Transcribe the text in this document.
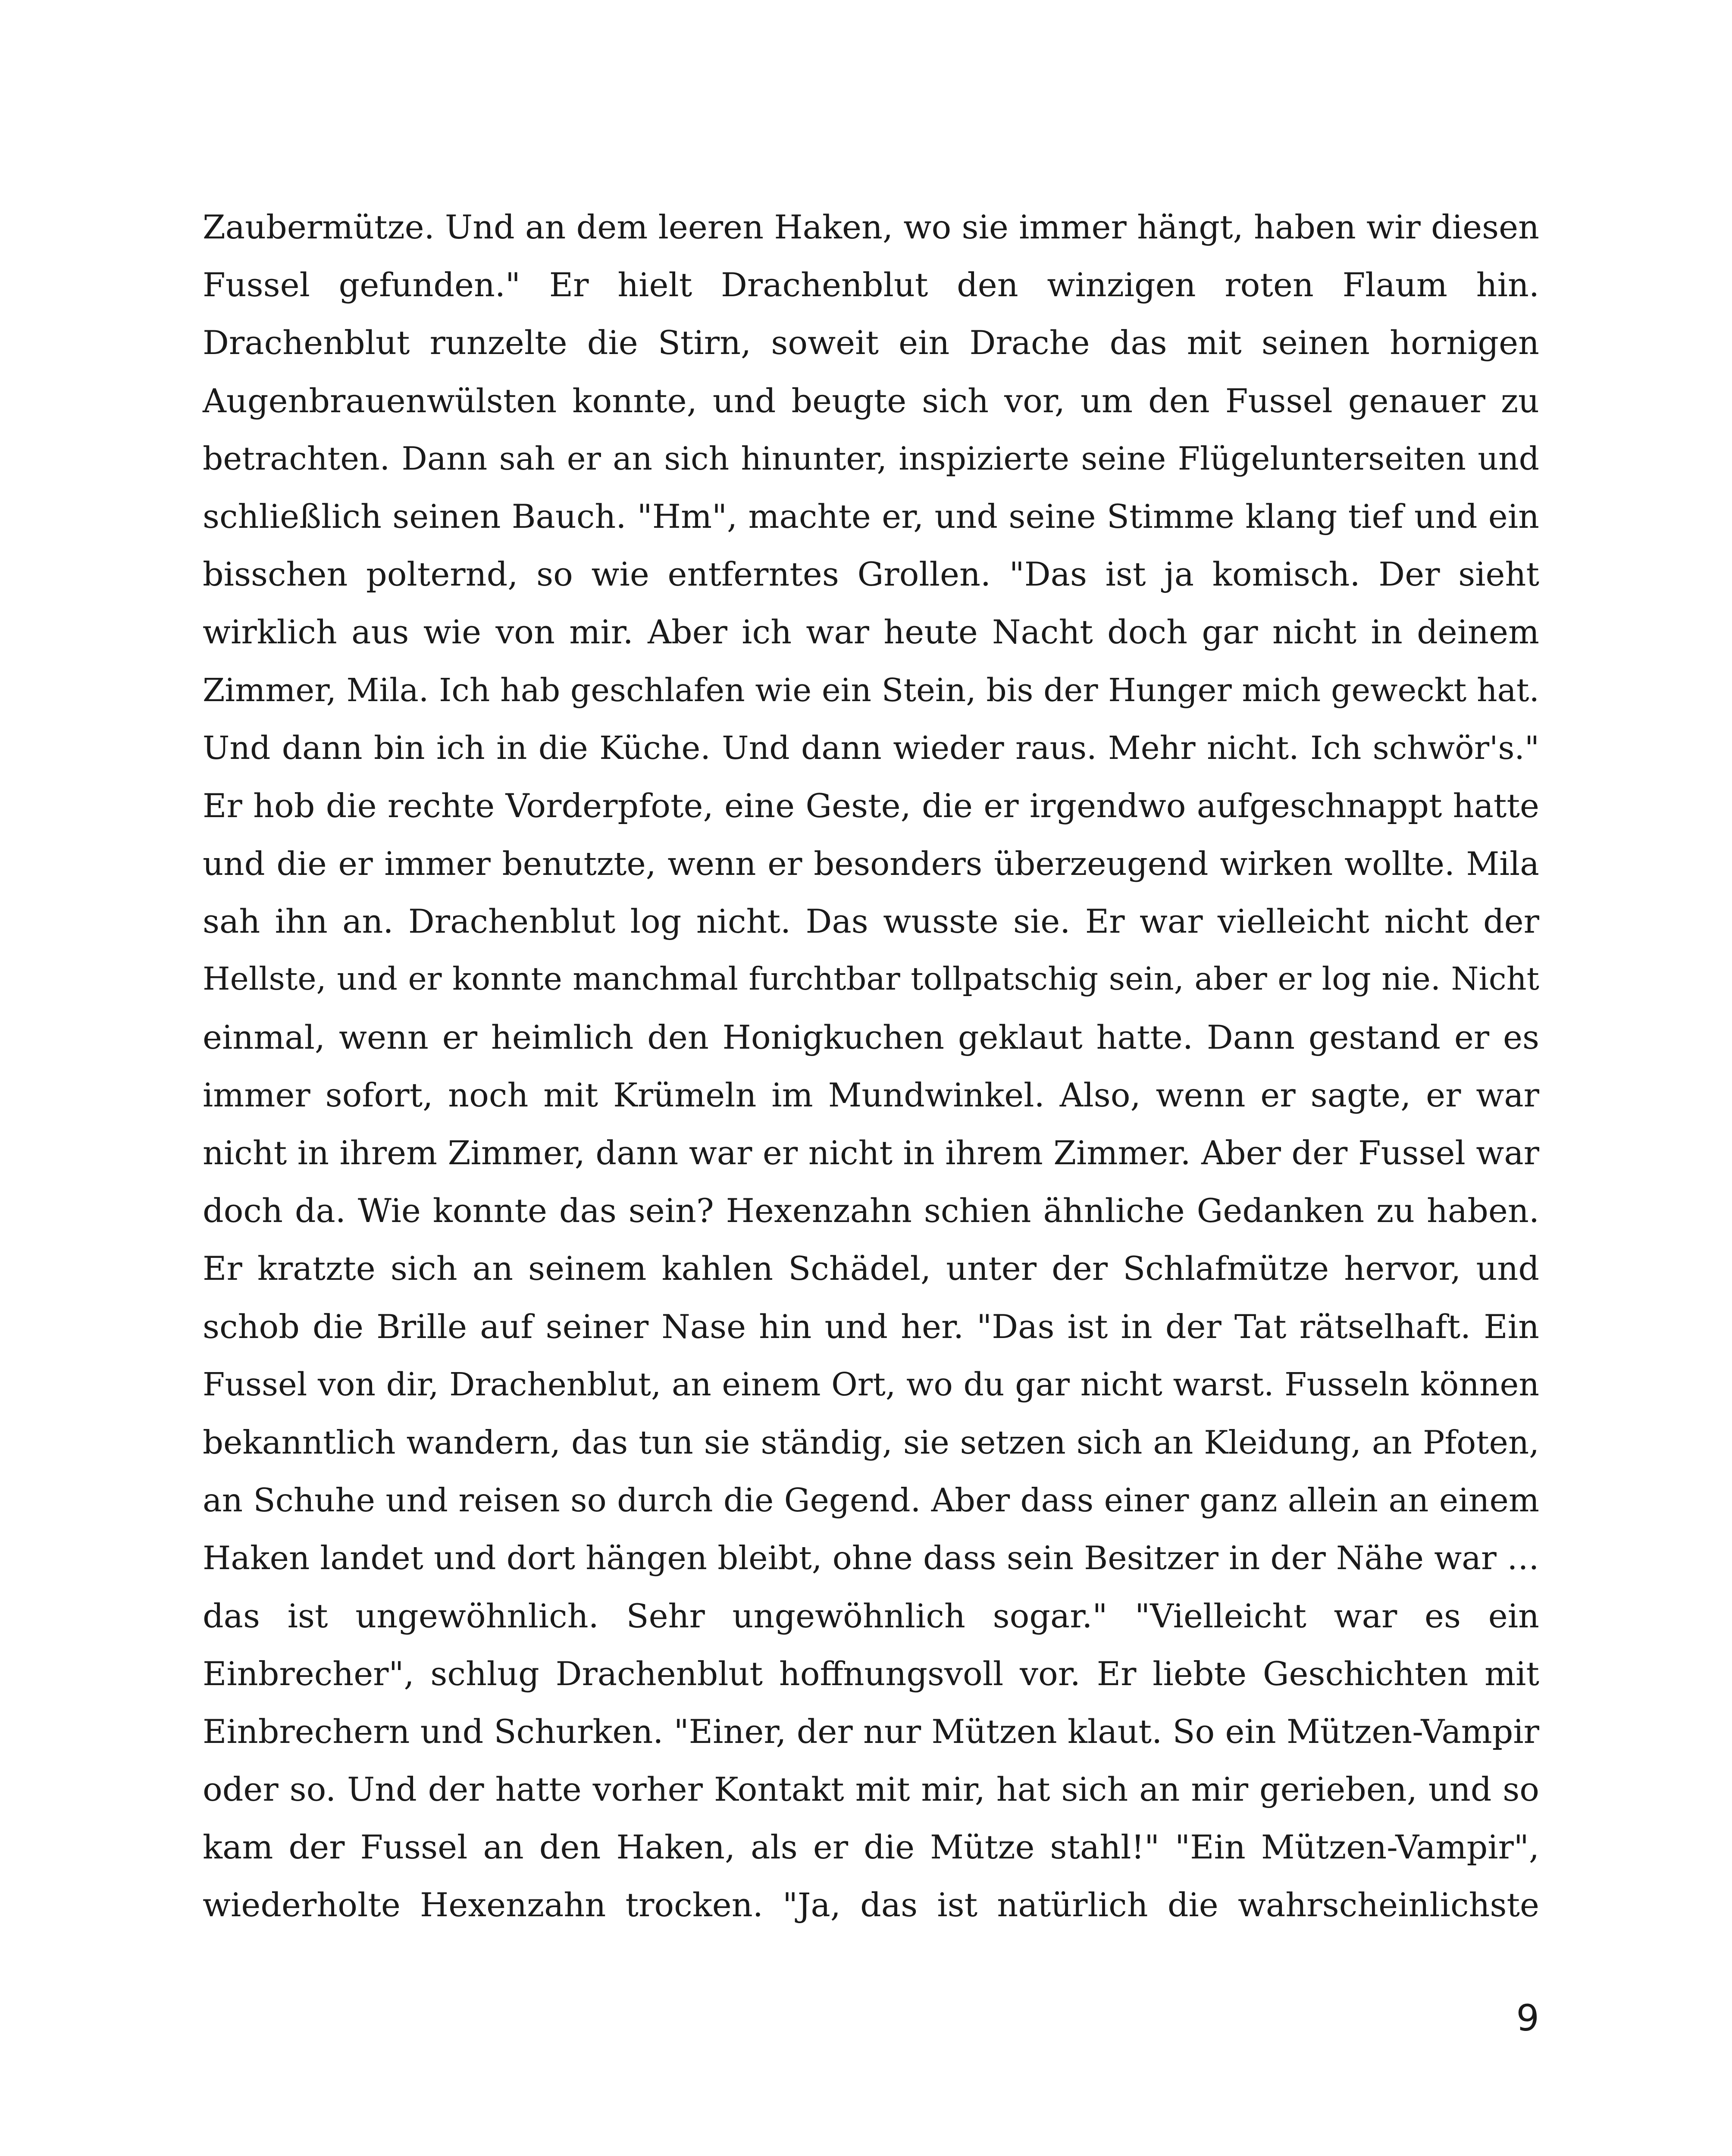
Zaubermütze. Und an dem leeren Haken, wo sie immer hängt, haben wir diesen
Fussel gefunden." Er hielt Drachenblut den winzigen roten Flaum hin.
Drachenblut runzelte die Stirn, soweit ein Drache das mit seinen hornigen
Augenbrauenwülsten konnte, und beugte sich vor, um den Fussel genauer zu
betrachten. Dann sah er an sich hinunter, inspizierte seine Flügelunterseiten und
schließlich seinen Bauch. "Hm", machte er, und seine Stimme klang tief und ein
bisschen polternd, so wie entferntes Grollen. "Das ist ja komisch. Der sieht
wirklich aus wie von mir. Aber ich war heute Nacht doch gar nicht in deinem
Zimmer, Mila. Ich hab geschlafen wie ein Stein, bis der Hunger mich geweckt hat.
Und dann bin ich in die Küche. Und dann wieder raus. Mehr nicht. Ich schwör's."
Er hob die rechte Vorderpfote, eine Geste, die er irgendwo aufgeschnappt hatte
und die er immer benutzte, wenn er besonders überzeugend wirken wollte. Mila
sah ihn an. Drachenblut log nicht. Das wusste sie. Er war vielleicht nicht der
Hellste, und er konnte manchmal furchtbar tollpatschig sein, aber er log nie. Nicht
einmal, wenn er heimlich den Honigkuchen geklaut hatte. Dann gestand er es
immer sofort, noch mit Krümeln im Mundwinkel. Also, wenn er sagte, er war
nicht in ihrem Zimmer, dann war er nicht in ihrem Zimmer. Aber der Fussel war
doch da. Wie konnte das sein? Hexenzahn schien ähnliche Gedanken zu haben.
Er kratzte sich an seinem kahlen Schädel, unter der Schlafmütze hervor, und
schob die Brille auf seiner Nase hin und her. "Das ist in der Tat rätselhaft. Ein
Fussel von dir, Drachenblut, an einem Ort, wo du gar nicht warst. Fusseln können
bekanntlich wandern, das tun sie ständig, sie setzen sich an Kleidung, an Pfoten,
an Schuhe und reisen so durch die Gegend. Aber dass einer ganz allein an einem
Haken landet und dort hängen bleibt, ohne dass sein Besitzer in der Nähe war …
das ist ungewöhnlich. Sehr ungewöhnlich sogar." "Vielleicht war es ein
Einbrecher", schlug Drachenblut hoffnungsvoll vor. Er liebte Geschichten mit
Einbrechern und Schurken. "Einer, der nur Mützen klaut. So ein Mützen-Vampir
oder so. Und der hatte vorher Kontakt mit mir, hat sich an mir gerieben, und so
kam der Fussel an den Haken, als er die Mütze stahl!" "Ein Mützen-Vampir",
wiederholte Hexenzahn trocken. "Ja, das ist natürlich die wahrscheinlichste
9
